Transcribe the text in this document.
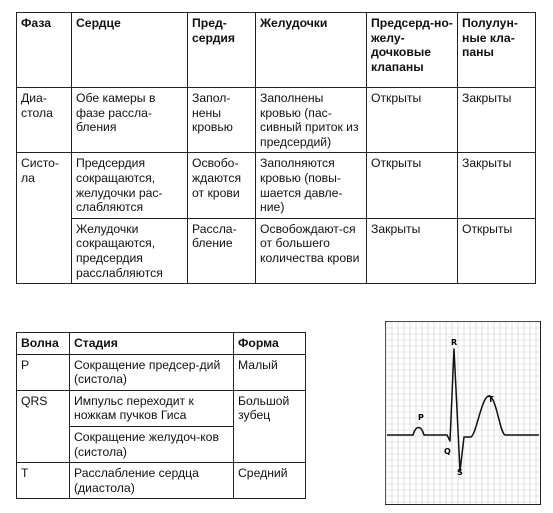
Фаза	Сердце	Пред-сердия	Желудочки	Предсерд-но-желу-дочковые клапаны	Полулун-ные кла-паны
Диа-стола	Обе камеры в фазе рассла-бления	Запол-нены кровью	Заполнены кровью (пас-сивный приток из предсердий)	Открыты	Закрыты
Систо-ла	Предсердия сокращаются, желудочки рас-слабляются	Освобо-ждаются от крови	Заполняются кровью (повы-шается давле-ние)	Открыты	Закрыты
	Желудочки сокращаются, предсердия расслабляются	Рассла-бление	Освобождают-ся от большего количества крови	Закрыты	Открыты
Волна	Стадия	Форма
P	Сокращение предсер-дий (систола)	Малый
QRS	Импульс переходит к ножкам пучков Гиса	Большой зубец
	Сокращение желудоч-ков (систола)	
T	Расслабление сердца (диастола)	Средний
P
Q
R
S
T
